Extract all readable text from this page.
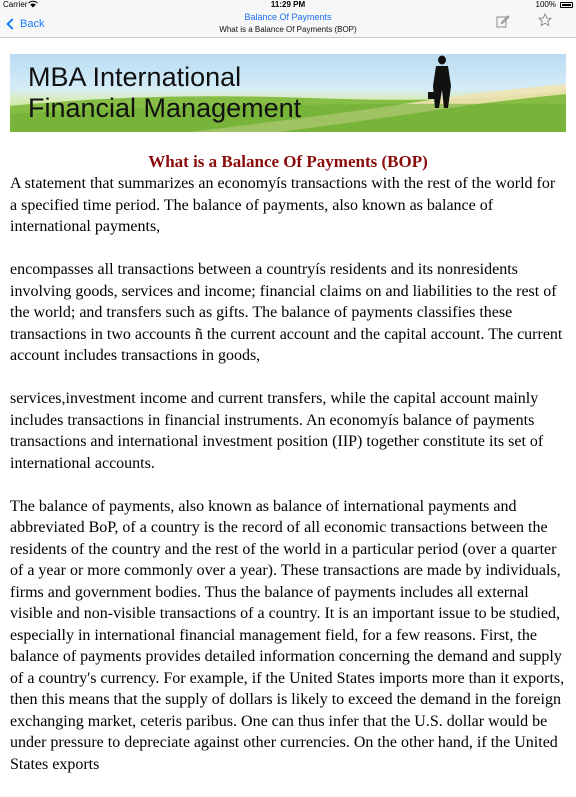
Carrier	11:29 PM	100%
Back
Balance Of Payments
What is a Balance Of Payments (BOP)
MBA International
Financial Management
What is a Balance Of Payments (BOP)

A statement that summarizes an economyís transactions with the rest of the world for a specified time period. The balance of payments, also known as balance of international payments,

encompasses all transactions between a countryís residents and its nonresidents involving goods, services and income; financial claims on and liabilities to the rest of the world; and transfers such as gifts. The balance of payments classifies these transactions in two accounts ñ the current account and the capital account. The current account includes transactions in goods,

services,investment income and current transfers, while the capital account mainly includes transactions in financial instruments. An economyís balance of payments transactions and international investment position (IIP) together constitute its set of international accounts.

The balance of payments, also known as balance of international payments and abbreviated BoP, of a country is the record of all economic transactions between the residents of the country and the rest of the world in a particular period (over a quarter of a year or more commonly over a year). These transactions are made by individuals, firms and government bodies. Thus the balance of payments includes all external visible and non-visible transactions of a country. It is an important issue to be studied, especially in international financial management field, for a few reasons. First, the balance of payments provides detailed information concerning the demand and supply of a country's currency. For example, if the United States imports more than it exports, then this means that the supply of dollars is likely to exceed the demand in the foreign exchanging market, ceteris paribus. One can thus infer that the U.S. dollar would be under pressure to depreciate against other currencies. On the other hand, if the United States exports
